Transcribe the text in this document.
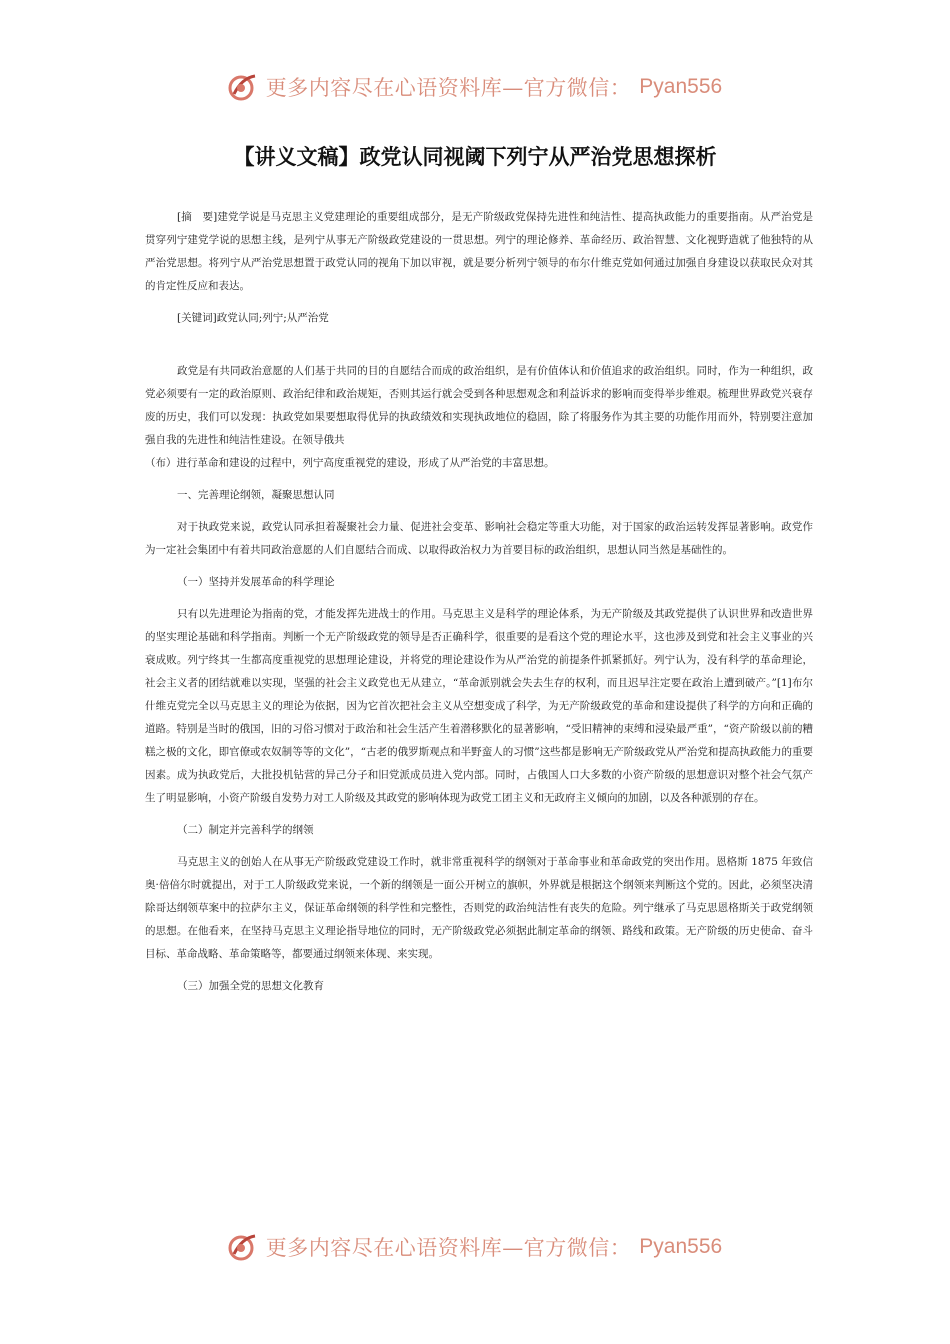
更多内容尽在心语资料库—官方微信： Pyan556
【讲义文稿】政党认同视阈下列宁从严治党思想探析

[摘　要]建党学说是马克思主义党建理论的重要组成部分，是无产阶级政党保持先进性和纯洁性、提高执政能力的重要指南。从严治党是贯穿列宁建党学说的思想主线，是列宁从事无产阶级政党建设的一贯思想。列宁的理论修养、革命经历、政治智慧、文化视野造就了他独特的从严治党思想。将列宁从严治党思想置于政党认同的视角下加以审视，就是要分析列宁领导的布尔什维克党如何通过加强自身建设以获取民众对其的肯定性反应和表达。

[关键词]政党认同;列宁;从严治党

政党是有共同政治意愿的人们基于共同的目的自愿结合而成的政治组织，是有价值体认和价值追求的政治组织。同时，作为一种组织，政党必须要有一定的政治原则、政治纪律和政治规矩，否则其运行就会受到各种思想观念和利益诉求的影响而变得举步维艰。梳理世界政党兴衰存废的历史，我们可以发现：执政党如果要想取得优异的执政绩效和实现执政地位的稳固，除了将服务作为其主要的功能作用而外，特别要注意加强自我的先进性和纯洁性建设。在领导俄共

（布）进行革命和建设的过程中，列宁高度重视党的建设，形成了从严治党的丰富思想。

一、完善理论纲领，凝聚思想认同

对于执政党来说，政党认同承担着凝聚社会力量、促进社会变革、影响社会稳定等重大功能，对于国家的政治运转发挥显著影响。政党作为一定社会集团中有着共同政治意愿的人们自愿结合而成、以取得政治权力为首要目标的政治组织，思想认同当然是基础性的。

（一）坚持并发展革命的科学理论

只有以先进理论为指南的党，才能发挥先进战士的作用。马克思主义是科学的理论体系，为无产阶级及其政党提供了认识世界和改造世界的坚实理论基础和科学指南。判断一个无产阶级政党的领导是否正确科学，很重要的是看这个党的理论水平，这也涉及到党和社会主义事业的兴衰成败。列宁终其一生都高度重视党的思想理论建设，并将党的理论建设作为从严治党的前提条件抓紧抓好。列宁认为，没有科学的革命理论，社会主义者的团结就难以实现，坚强的社会主义政党也无从建立，“革命派别就会失去生存的权利，而且迟早注定要在政治上遭到破产。”[1]布尔什维克党完全以马克思主义的理论为依据，因为它首次把社会主义从空想变成了科学，为无产阶级政党的革命和建设提供了科学的方向和正确的道路。特别是当时的俄国，旧的习俗习惯对于政治和社会生活产生着潜移默化的显著影响，“受旧精神的束缚和浸染最严重”，“资产阶级以前的糟糕之极的文化，即官僚或农奴制等等的文化”，“古老的俄罗斯观点和半野蛮人的习惯”这些都是影响无产阶级政党从严治党和提高执政能力的重要因素。成为执政党后，大批投机钻营的异己分子和旧党派成员进入党内部。同时，占俄国人口大多数的小资产阶级的思想意识对整个社会气氛产生了明显影响，小资产阶级自发势力对工人阶级及其政党的影响体现为政党工团主义和无政府主义倾向的加剧，以及各种派别的存在。

（二）制定并完善科学的纲领

马克思主义的创始人在从事无产阶级政党建设工作时，就非常重视科学的纲领对于革命事业和革命政党的突出作用。恩格斯 1875 年致信奥·倍倍尔时就提出，对于工人阶级政党来说，一个新的纲领是一面公开树立的旗帜，外界就是根据这个纲领来判断这个党的。因此，必须坚决清除哥达纲领草案中的拉萨尔主义，保证革命纲领的科学性和完整性，否则党的政治纯洁性有丧失的危险。列宁继承了马克思恩格斯关于政党纲领的思想。在他看来，在坚持马克思主义理论指导地位的同时，无产阶级政党必须据此制定革命的纲领、路线和政策。无产阶级的历史使命、奋斗目标、革命战略、革命策略等，都要通过纲领来体现、来实现。

（三）加强全党的思想文化教育

更多内容尽在心语资料库—官方微信： Pyan556
